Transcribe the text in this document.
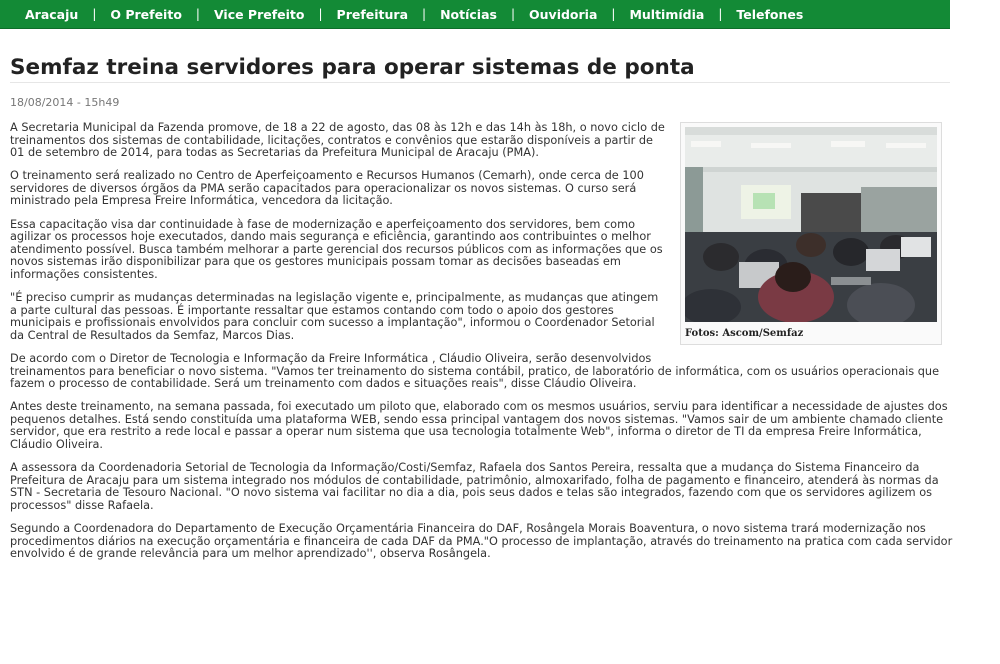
Aracaju	|	O Prefeito	|	Vice Prefeito	|	Prefeitura	|	Notícias	|	Ouvidoria	|	Multimídia	|	Telefones
Semfaz treina servidores para operar sistemas de ponta
18/08/2014 - 15h49
Fotos: Ascom/Semfaz

A Secretaria Municipal da Fazenda promove, de 18 a 22 de agosto, das 08 às 12h e das 14h às 18h, o novo ciclo de treinamentos dos sistemas de contabilidade, licitações, contratos e convênios que estarão disponíveis a partir de 01 de setembro de 2014, para todas as Secretarias da Prefeitura Municipal de Aracaju (PMA).

O treinamento será realizado no Centro de Aperfeiçoamento e Recursos Humanos (Cemarh), onde cerca de 100 servidores de diversos órgãos da PMA serão capacitados para operacionalizar os novos sistemas. O curso será ministrado pela Empresa Freire Informática, vencedora da licitação.

Essa capacitação visa dar continuidade à fase de modernização e aperfeiçoamento dos servidores, bem como agilizar os processos hoje executados, dando mais segurança e eficiência, garantindo aos contribuintes o melhor atendimento possível. Busca também melhorar a parte gerencial dos recursos públicos com as informações que os novos sistemas irão disponibilizar para que os gestores municipais possam tomar as decisões baseadas em informações consistentes.

"É preciso cumprir as mudanças determinadas na legislação vigente e, principalmente, as mudanças que atingem a parte cultural das pessoas. É importante ressaltar que estamos contando com todo o apoio dos gestores municipais e profissionais envolvidos para concluir com sucesso a implantação", informou o Coordenador Setorial da Central de Resultados da Semfaz, Marcos Dias.

De acordo com o Diretor de Tecnologia e Informação da Freire Informática , Cláudio Oliveira, serão desenvolvidos treinamentos para beneficiar o novo sistema. "Vamos ter treinamento do sistema contábil, pratico, de laboratório de informática, com os usuários operacionais que fazem o processo de contabilidade. Será um treinamento com dados e situações reais", disse Cláudio Oliveira.

Antes deste treinamento, na semana passada, foi executado um piloto que, elaborado com os mesmos usuários, serviu para identificar a necessidade de ajustes dos pequenos detalhes. Está sendo constituída uma plataforma WEB, sendo essa principal vantagem dos novos sistemas. "Vamos sair de um ambiente chamado cliente servidor, que era restrito a rede local e passar a operar num sistema que usa tecnologia totalmente Web", informa o diretor de TI da empresa Freire Informática, Cláudio Oliveira.

A assessora da Coordenadoria Setorial de Tecnologia da Informação/Costi/Semfaz, Rafaela dos Santos Pereira, ressalta que a mudança do Sistema Financeiro da Prefeitura de Aracaju para um sistema integrado nos módulos de contabilidade, patrimônio, almoxarifado, folha de pagamento e financeiro, atenderá às normas da STN - Secretaria de Tesouro Nacional. "O novo sistema vai facilitar no dia a dia, pois seus dados e telas são integrados, fazendo com que os servidores agilizem os processos" disse Rafaela.

Segundo a Coordenadora do Departamento de Execução Orçamentária Financeira do DAF, Rosângela Morais Boaventura, o novo sistema trará modernização nos procedimentos diários na execução orçamentária e financeira de cada DAF da PMA."O processo de implantação, através do treinamento na pratica com cada servidor envolvido é de grande relevância para um melhor aprendizado'', observa Rosângela.
